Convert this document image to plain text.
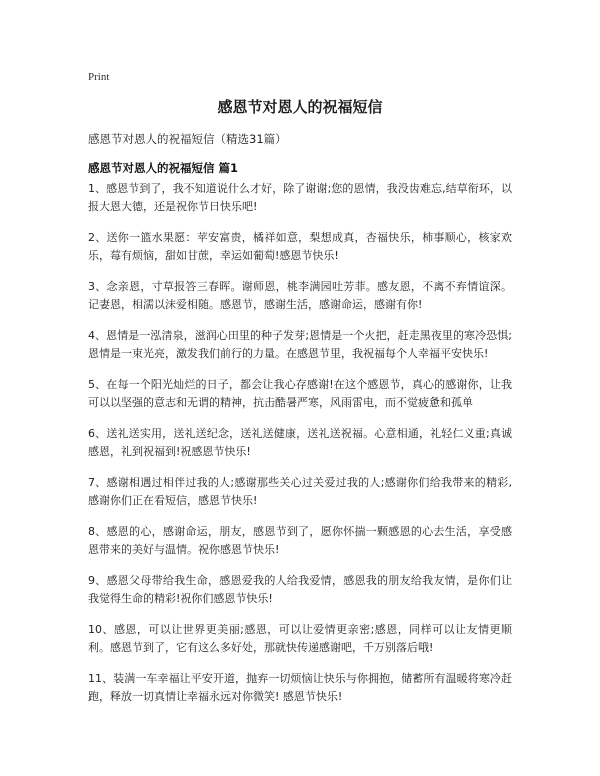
Print
感恩节对恩人的祝福短信

感恩节对恩人的祝福短信（精选31篇）

感恩节对恩人的祝福短信 篇1

1、感恩节到了，我不知道说什么才好，除了谢谢;您的恩情，我没齿难忘,结草衔环，以报大恩大德，还是祝你节日快乐吧!

2、送你一篮水果愿：苹安富贵，橘祥如意，梨想成真，杏福快乐，柿事顺心，核家欢乐，莓有烦恼，甜如甘蔗，幸运如葡萄!感恩节快乐!

3、念亲恩，寸草报答三春晖。谢师恩，桃李满园吐芳菲。感友恩，不离不弃情谊深。记妻恩，相濡以沫爱相随。感恩节，感谢生活，感谢命运，感谢有你!

4、恩情是一泓清泉，滋润心田里的种子发芽;恩情是一个火把，赶走黑夜里的寒冷恐惧;恩情是一束光亮，激发我们前行的力量。在感恩节里，我祝福每个人幸福平安快乐!

5、在每一个阳光灿烂的日子，都会让我心存感谢!在这个感恩节，真心的感谢你，让我可以以坚强的意志和无谓的精神，抗击酷暑严寒，风雨雷电，而不觉疲惫和孤单

6、送礼送实用，送礼送纪念，送礼送健康，送礼送祝福。心意相通，礼轻仁义重;真诚感恩，礼到祝福到!祝感恩节快乐!

7、感谢相遇过相伴过我的人;感谢那些关心过关爱过我的人;感谢你们给我带来的精彩,感谢你们正在看短信，感恩节快乐!

8、感恩的心，感谢命运，朋友，感恩节到了，愿你怀揣一颗感恩的心去生活，享受感恩带来的美好与温情。祝你感恩节快乐!

9、感恩父母带给我生命，感恩爱我的人给我爱情，感恩我的朋友给我友情，是你们让我觉得生命的精彩!祝你们感恩节快乐!

10、感恩，可以让世界更美丽;感恩，可以让爱情更亲密;感恩，同样可以让友情更顺利。感恩节到了，它有这么多好处，那就快传递感谢吧，千万别落后哦!

11、装满一车幸福让平安开道，抛弃一切烦恼让快乐与你拥抱，储蓄所有温暖将寒冷赶跑，释放一切真情让幸福永远对你微笑! 感恩节快乐!
